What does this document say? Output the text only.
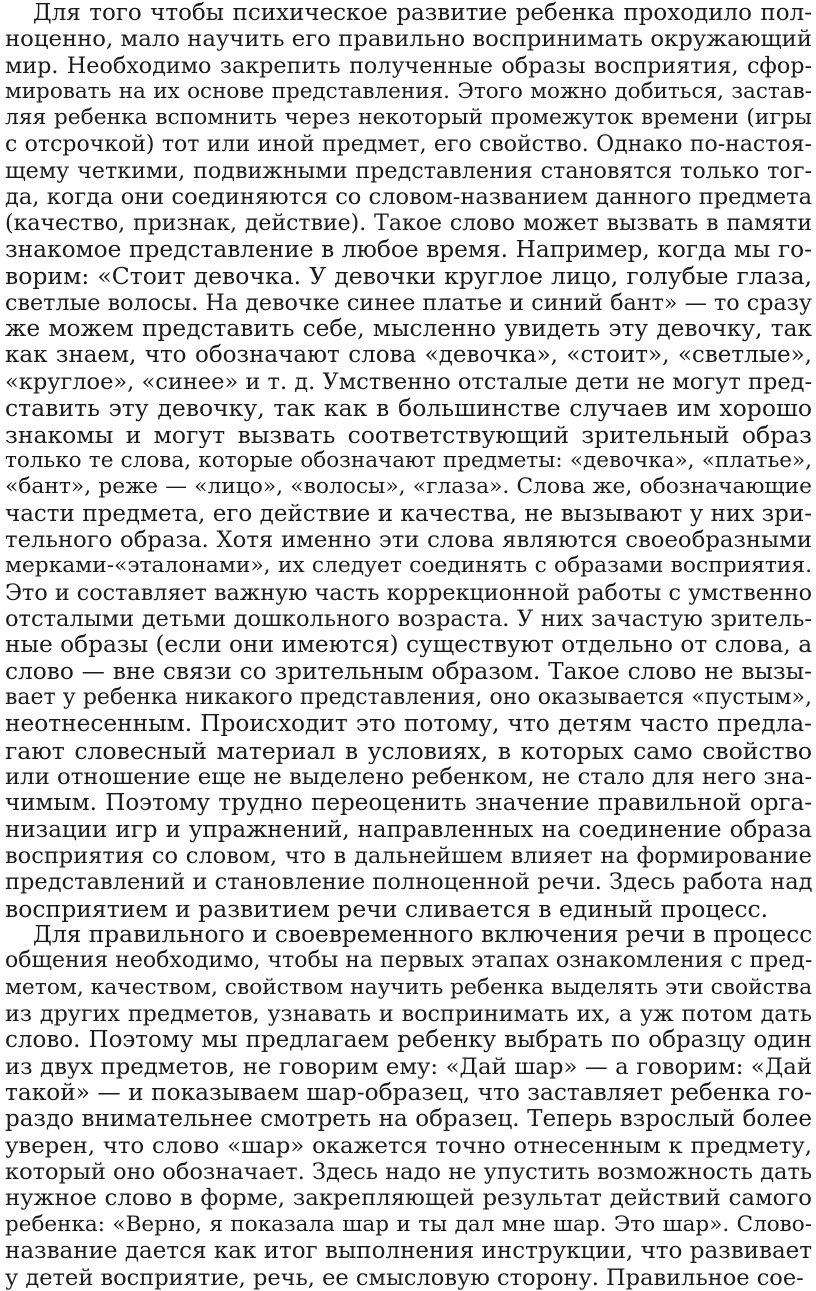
Для того чтобы психическое развитие ребенка проходило пол-
ноценно, мало научить его правильно воспринимать окружающий
мир. Необходимо закрепить полученные образы восприятия, сфор-
мировать на их основе представления. Этого можно добиться, застав-
ляя ребенка вспомнить через некоторый промежуток времени (игры
с отсрочкой) тот или иной предмет, его свойство. Однако по-настоя-
щему четкими, подвижными представления становятся только тог-
да, когда они соединяются со словом-названием данного предмета
(качество, признак, действие). Такое слово может вызвать в памяти
знакомое представление в любое время. Например, когда мы го-
ворим: «Стоит девочка. У девочки круглое лицо, голубые глаза,
светлые волосы. На девочке синее платье и синий бант» — то сразу
же можем представить себе, мысленно увидеть эту девочку, так
как знаем, что обозначают слова «девочка», «стоит», «светлые»,
«круглое», «синее» и т. д. Умственно отсталые дети не могут пред-
ставить эту девочку, так как в большинстве случаев им хорошо
знакомы и могут вызвать соответствующий зрительный образ
только те слова, которые обозначают предметы: «девочка», «платье»,
«бант», реже — «лицо», «волосы», «глаза». Слова же, обозначающие
части предмета, его действие и качества, не вызывают у них зри-
тельного образа. Хотя именно эти слова являются своеобразными
мерками-«эталонами», их следует соединять с образами восприятия.
Это и составляет важную часть коррекционной работы с умственно
отсталыми детьми дошкольного возраста. У них зачастую зритель-
ные образы (если они имеются) существуют отдельно от слова, а
слово — вне связи со зрительным образом. Такое слово не вызы-
вает у ребенка никакого представления, оно оказывается «пустым»,
неотнесенным. Происходит это потому, что детям часто предла-
гают словесный материал в условиях, в которых само свойство
или отношение еще не выделено ребенком, не стало для него зна-
чимым. Поэтому трудно переоценить значение правильной орга-
низации игр и упражнений, направленных на соединение образа
восприятия со словом, что в дальнейшем влияет на формирование
представлений и становление полноценной речи. Здесь работа над
восприятием и развитием речи сливается в единый процесс.
Для правильного и своевременного включения речи в процесс
общения необходимо, чтобы на первых этапах ознакомления с пред-
метом, качеством, свойством научить ребенка выделять эти свойства
из других предметов, узнавать и воспринимать их, а уж потом дать
слово. Поэтому мы предлагаем ребенку выбрать по образцу один
из двух предметов, не говорим ему: «Дай шар» — а говорим: «Дай
такой» — и показываем шар-образец, что заставляет ребенка го-
раздо внимательнее смотреть на образец. Теперь взрослый более
уверен, что слово «шар» окажется точно отнесенным к предмету,
который оно обозначает. Здесь надо не упустить возможность дать
нужное слово в форме, закрепляющей результат действий самого
ребенка: «Верно, я показала шар и ты дал мне шар. Это шар». Слово-
название дается как итог выполнения инструкции, что развивает
у детей восприятие, речь, ее смысловую сторону. Правильное сое-
